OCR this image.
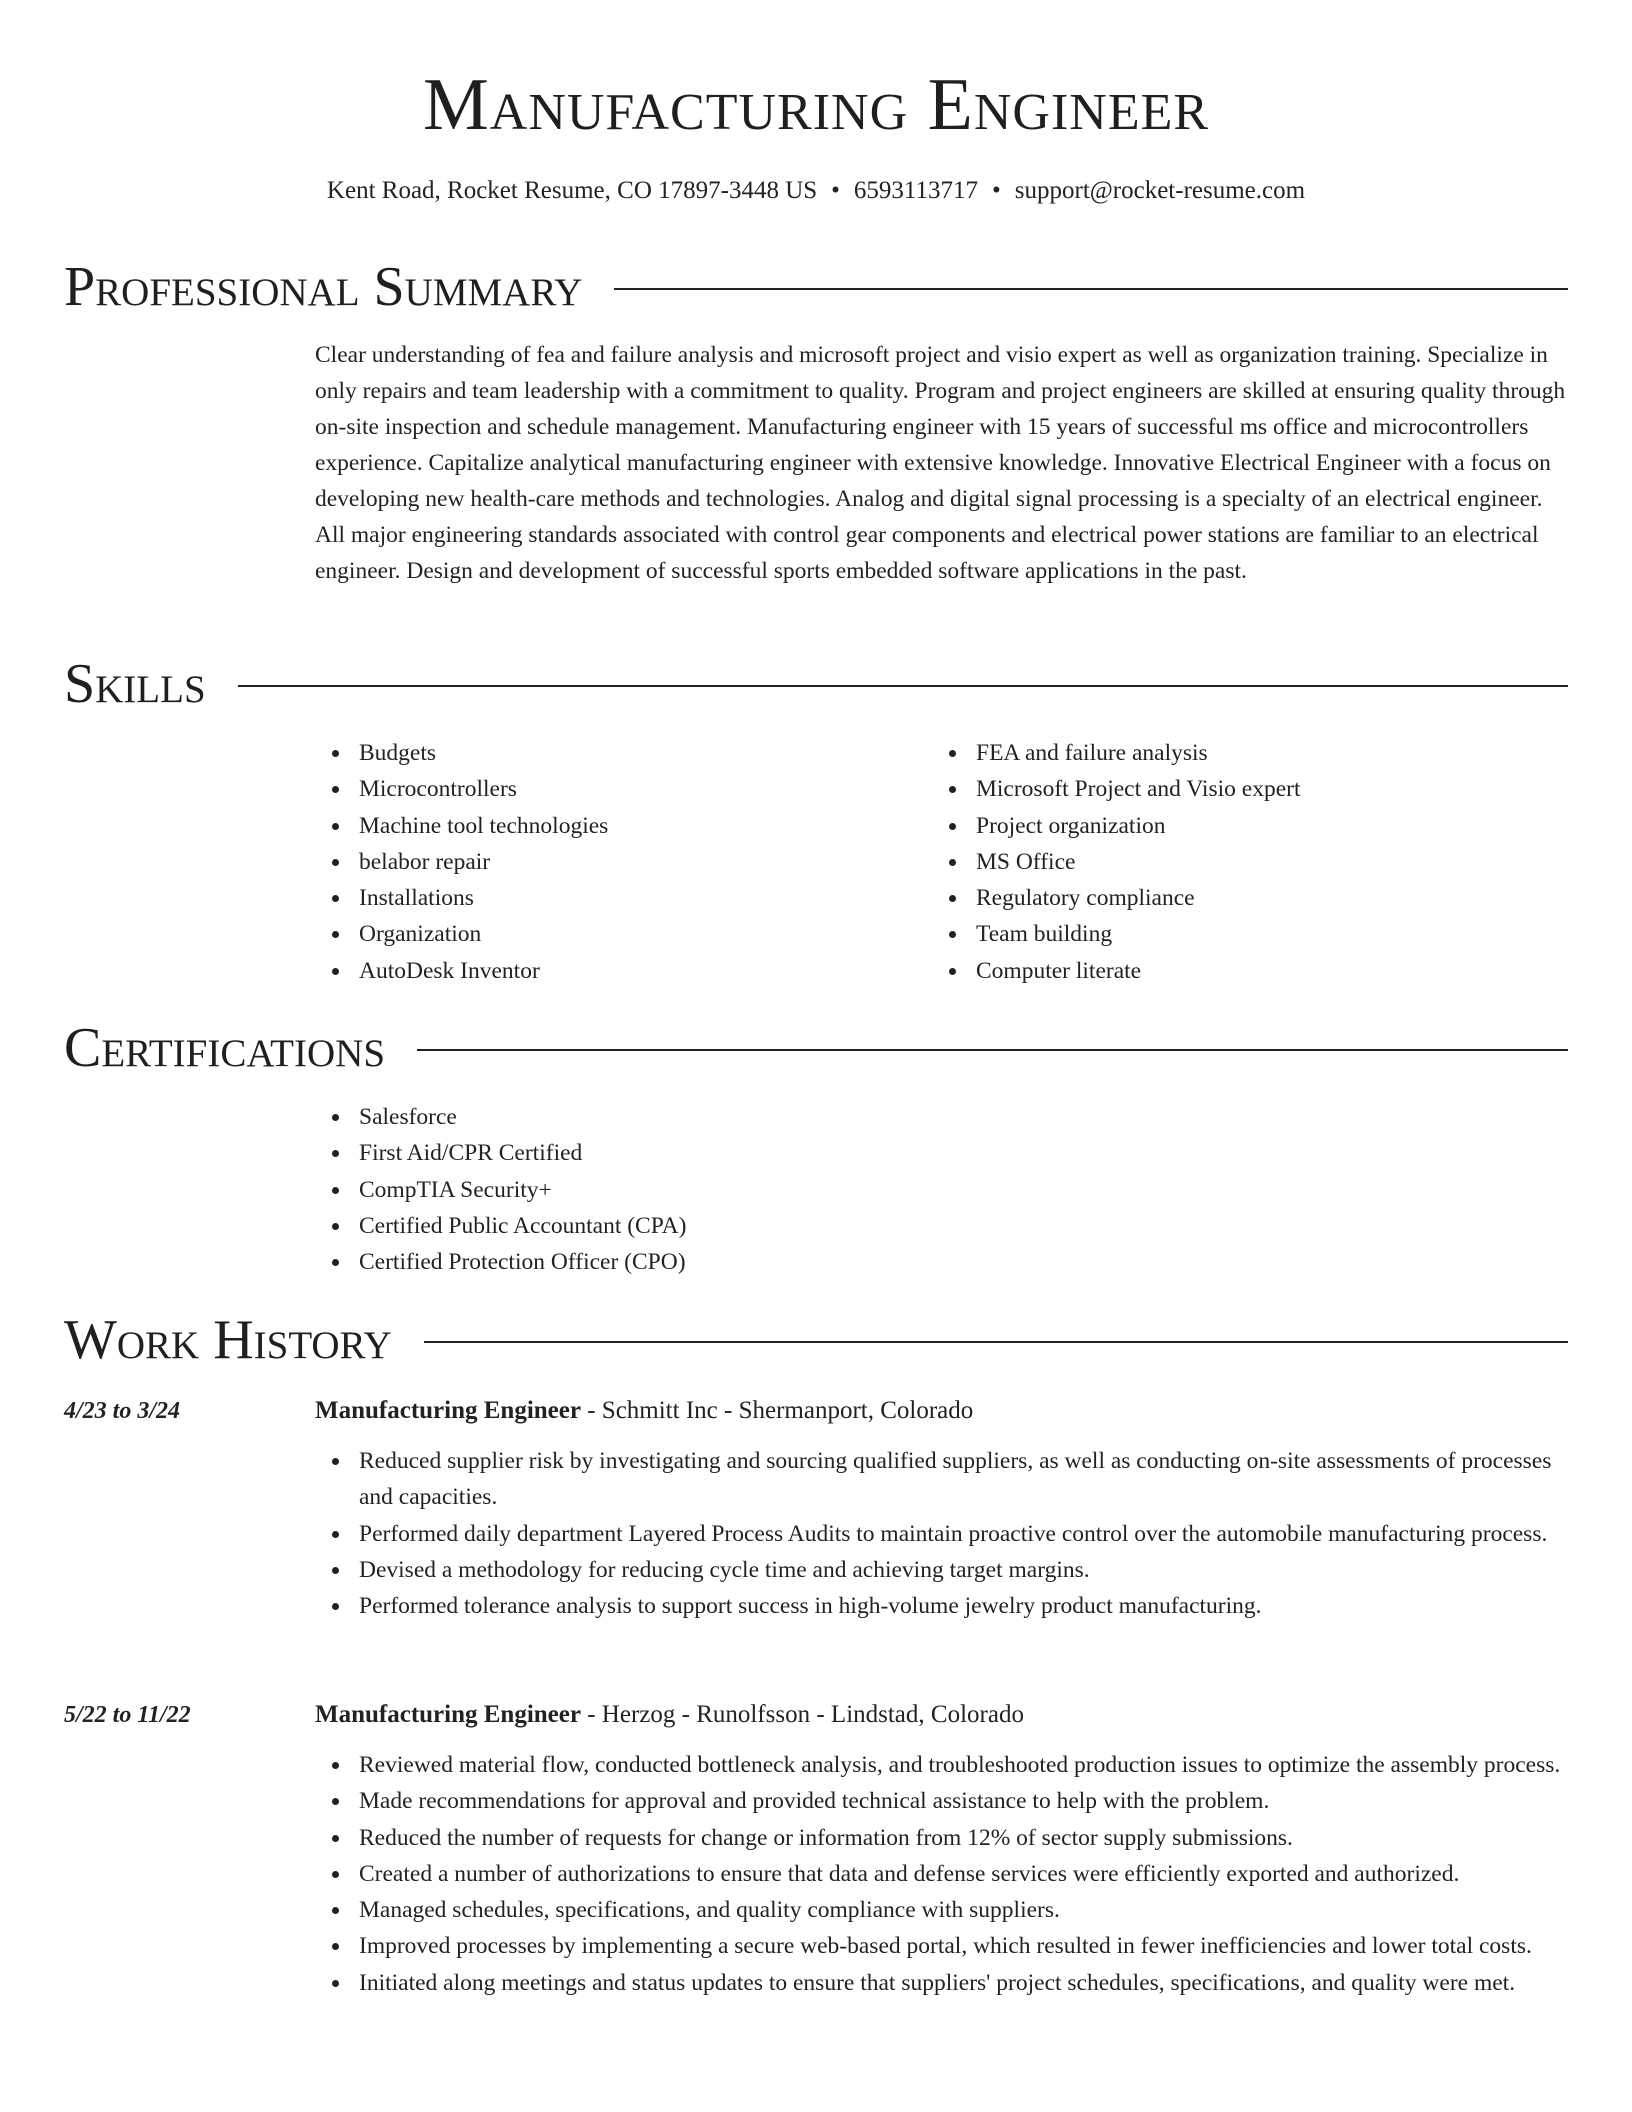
Manufacturing Engineer
Kent Road, Rocket Resume, CO 17897-3448 US • 6593113717 • support@rocket-resume.com
Professional Summary

Clear understanding of fea and failure analysis and microsoft project and visio expert as well as organization training. Specialize in only repairs and team leadership with a commitment to quality. Program and project engineers are skilled at ensuring quality through on-site inspection and schedule management. Manufacturing engineer with 15 years of successful ms office and microcontrollers experience. Capitalize analytical manufacturing engineer with extensive knowledge. Innovative Electrical Engineer with a focus on developing new health-care methods and technologies. Analog and digital signal processing is a specialty of an electrical engineer. All major engineering standards associated with control gear components and electrical power stations are familiar to an electrical engineer. Design and development of successful sports embedded software applications in the past.

Skills
Budgets
Microcontrollers
Machine tool technologies
belabor repair
Installations
Organization
AutoDesk Inventor
FEA and failure analysis
Microsoft Project and Visio expert
Project organization
MS Office
Regulatory compliance
Team building
Computer literate
Certifications
Salesforce
First Aid/CPR Certified
CompTIA Security+
Certified Public Accountant (CPA)
Certified Protection Officer (CPO)
Work History
4/23 to 3/24	Manufacturing Engineer - Schmitt Inc - Shermanport, Colorado
Reduced supplier risk by investigating and sourcing qualified suppliers, as well as conducting on-site assessments of processes and capacities.
Performed daily department Layered Process Audits to maintain proactive control over the automobile manufacturing process.
Devised a methodology for reducing cycle time and achieving target margins.
Performed tolerance analysis to support success in high-volume jewelry product manufacturing.
5/22 to 11/22	Manufacturing Engineer - Herzog - Runolfsson - Lindstad, Colorado
Reviewed material flow, conducted bottleneck analysis, and troubleshooted production issues to optimize the assembly process.
Made recommendations for approval and provided technical assistance to help with the problem.
Reduced the number of requests for change or information from 12% of sector supply submissions.
Created a number of authorizations to ensure that data and defense services were efficiently exported and authorized.
Managed schedules, specifications, and quality compliance with suppliers.
Improved processes by implementing a secure web-based portal, which resulted in fewer inefficiencies and lower total costs.
Initiated along meetings and status updates to ensure that suppliers' project schedules, specifications, and quality were met.
